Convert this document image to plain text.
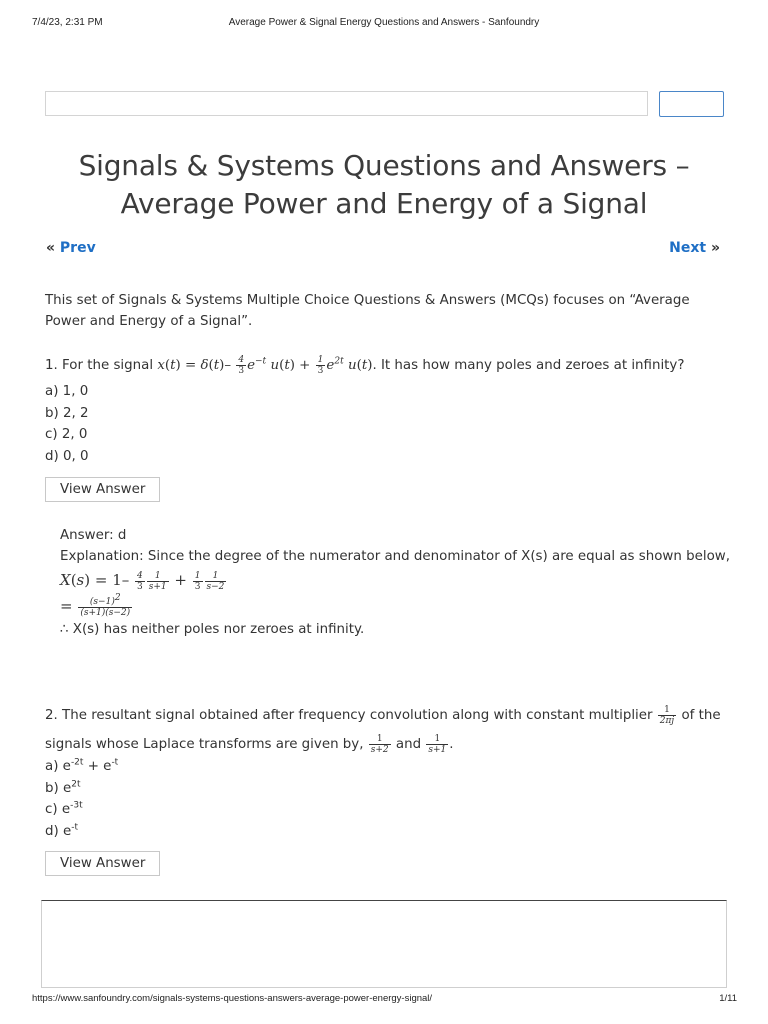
7/4/23, 2:31 PM	Average Power & Signal Energy Questions and Answers - Sanfoundry
Signals & Systems Questions and Answers –
Average Power and Energy of a Signal
« Prev	Next »

This set of Signals & Systems Multiple Choice Questions & Answers (MCQs) focuses on “Average Power and Energy of a Signal”.

1. For the signal $x(t) = \delta(t)- \frac{4}{3} e^{-t}$ $u(t) + \frac{1}{3} e^{2t}$ u(t). It has how many poles and zeroes at infinity?

a) 1, 0
b) 2, 2
c) 2, 0
d) 0, 0
View Answer

Answer: d

Explanation: Since the degree of the numerator and denominator of X(s) are equal as shown below,

$X(s) = 1- \frac{4}{3} \frac{1}{s+1} + \frac{1}{3} \frac{1}{s-2}$
= $\frac{(s-1)^2}{(s+1)(s-2)}$

∴ X(s) has neither poles nor zeroes at infinity.

2. The resultant signal obtained after frequency convolution along with constant multiplier $\frac{1}{2\pi j}$ of the
signals whose Laplace transforms are given by, $\frac{1}{s+2}$ and $\frac{1}{s+1}$ .

a) $e^{-2t} + e^{-t}$
b) $e^{2t}$
c) $e^{-3t}$
d) $e^{-t}$
View Answer
https://www.sanfoundry.com/signals-systems-questions-answers-average-power-energy-signal/	1/11
